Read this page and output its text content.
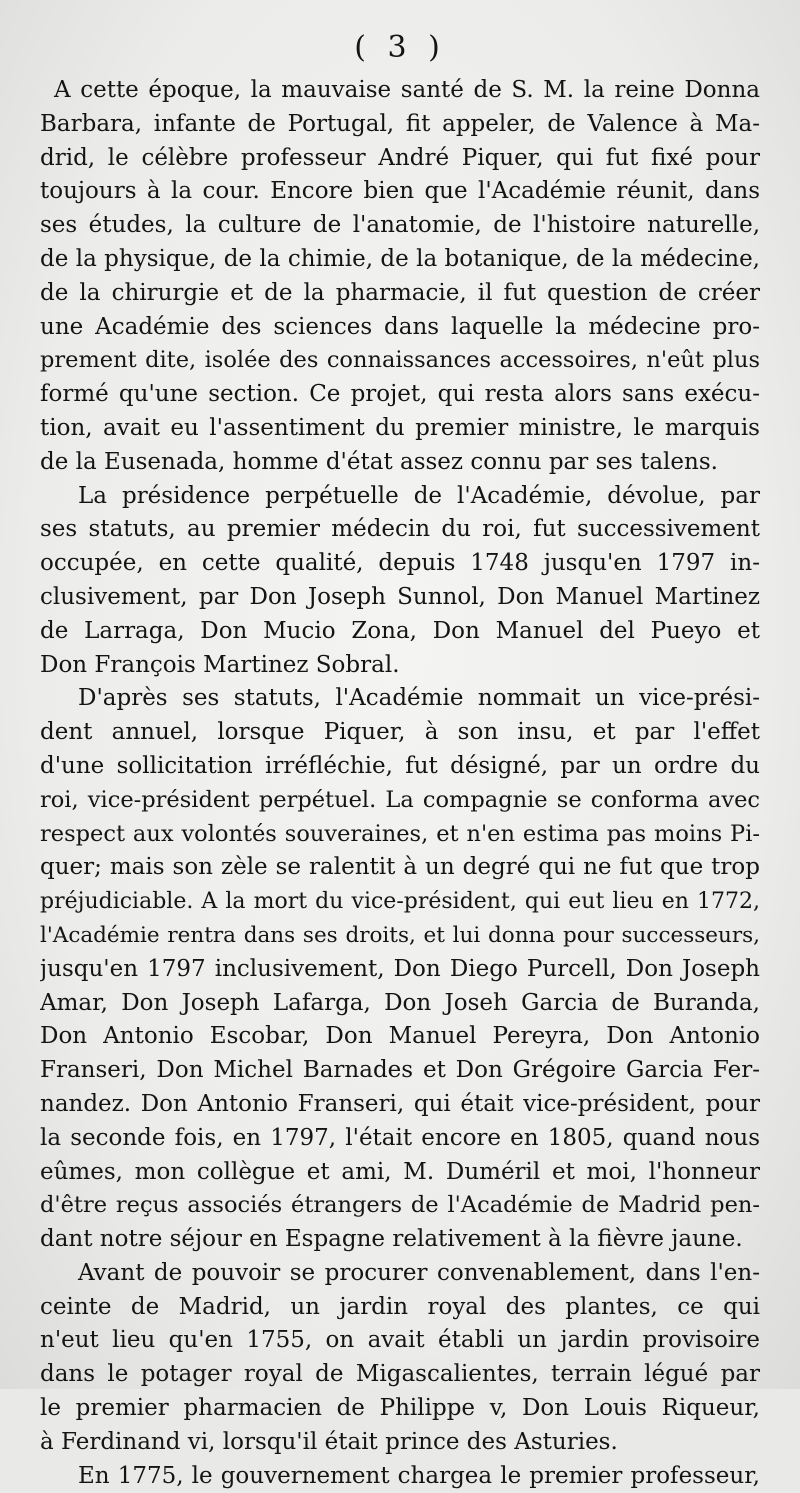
( 3 )
A cette époque, la mauvaise santé de S. M. la reine Donna
Barbara, infante de Portugal, fit appeler, de Valence à Ma-
drid, le célèbre professeur André Piquer, qui fut fixé pour
toujours à la cour. Encore bien que l'Académie réunit, dans
ses études, la culture de l'anatomie, de l'histoire naturelle,
de la physique, de la chimie, de la botanique, de la médecine,
de la chirurgie et de la pharmacie, il fut question de créer
une Académie des sciences dans laquelle la médecine pro-
prement dite, isolée des connaissances accessoires, n'eût plus
formé qu'une section. Ce projet, qui resta alors sans exécu-
tion, avait eu l'assentiment du premier ministre, le marquis
de la Eusenada, homme d'état assez connu par ses talens.
La présidence perpétuelle de l'Académie, dévolue, par
ses statuts, au premier médecin du roi, fut successivement
occupée, en cette qualité, depuis 1748 jusqu'en 1797 in-
clusivement, par Don Joseph Sunnol, Don Manuel Martinez
de Larraga, Don Mucio Zona, Don Manuel del Pueyo et
Don François Martinez Sobral.
D'après ses statuts, l'Académie nommait un vice-prési-
dent annuel, lorsque Piquer, à son insu, et par l'effet
d'une sollicitation irréfléchie, fut désigné, par un ordre du
roi, vice-président perpétuel. La compagnie se conforma avec
respect aux volontés souveraines, et n'en estima pas moins Pi-
quer; mais son zèle se ralentit à un degré qui ne fut que trop
préjudiciable. A la mort du vice-président, qui eut lieu en 1772,
l'Académie rentra dans ses droits, et lui donna pour successeurs,
jusqu'en 1797 inclusivement, Don Diego Purcell, Don Joseph
Amar, Don Joseph Lafarga, Don Joseh Garcia de Buranda,
Don Antonio Escobar, Don Manuel Pereyra, Don Antonio
Franseri, Don Michel Barnades et Don Grégoire Garcia Fer-
nandez. Don Antonio Franseri, qui était vice-président, pour
la seconde fois, en 1797, l'était encore en 1805, quand nous
eûmes, mon collègue et ami, M. Duméril et moi, l'honneur
d'être reçus associés étrangers de l'Académie de Madrid pen-
dant notre séjour en Espagne relativement à la fièvre jaune.
Avant de pouvoir se procurer convenablement, dans l'en-
ceinte de Madrid, un jardin royal des plantes, ce qui
n'eut lieu qu'en 1755, on avait établi un jardin provisoire
dans le potager royal de Migascalientes, terrain légué par
le premier pharmacien de Philippe v, Don Louis Riqueur,
à Ferdinand vi, lorsqu'il était prince des Asturies.
En 1775, le gouvernement chargea le premier professeur,
